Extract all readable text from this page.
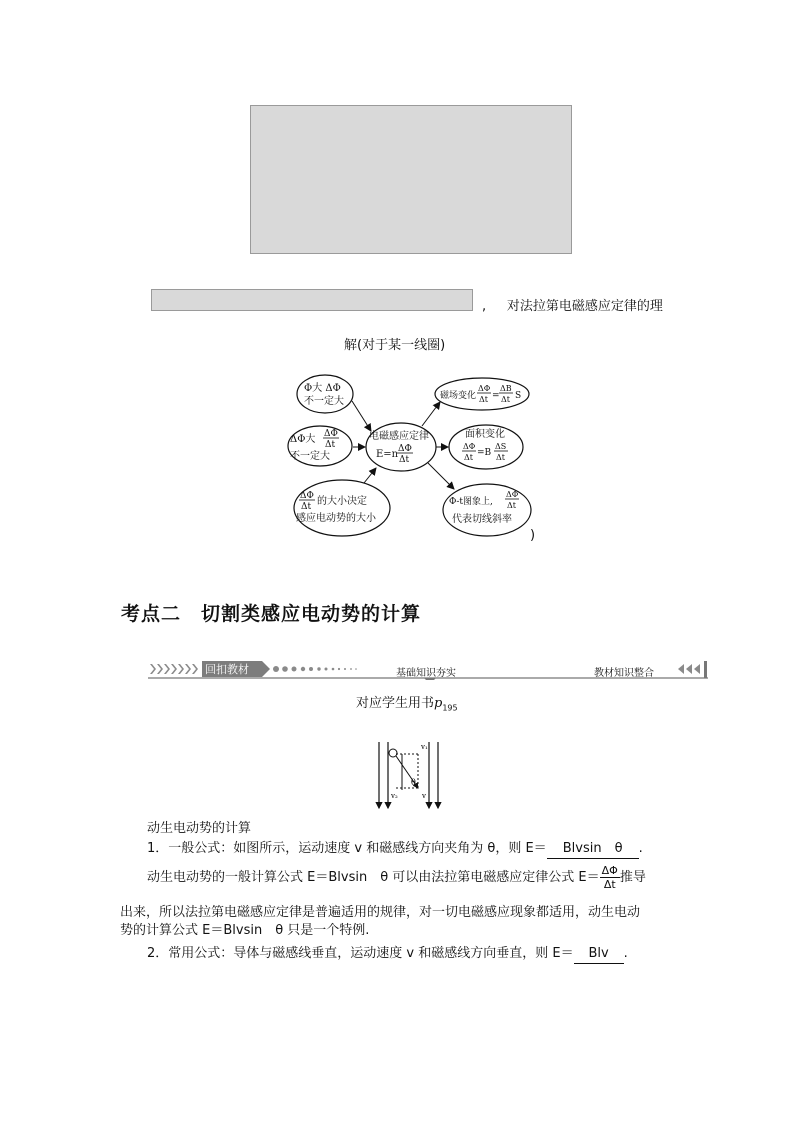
, 对法拉第电磁感应定律的理
解(对于某一线圈)
电磁感应定律
E=n ΔΦ
Δt
Φ大 ΔΦ
不一定大
ΔΦ大 ΔΦ
Δt
不一定大
ΔΦ
Δt 的大小决定
感应电动势的大小
磁场变化
ΔΦ
Δt =
ΔB
Δt S
面积变化
ΔΦ
Δt =B
ΔS
Δt
Φ-t图象上,
ΔΦ
Δt
代表切线斜率
)
考点二　切割类感应电动势的计算
回扣教材	基础知识夯实	教材知识整合
对应学生用书$p_{195}$
v₁
v₂	v
θ
动生电动势的计算
1．一般公式：如图所示，运动速度 v 和磁感线方向夹角为 θ，则 E＝ Blvsin　θ .
动生电动势的一般计算公式 E＝Blvsin　θ 可以由法拉第电磁感应定律公式 $E= \frac{\Delta\Phi}{\Delta t}$ 推导
出来，所以法拉第电磁感应定律是普遍适用的规律，对一切电磁感应现象都适用，动生电动
势的计算公式 E＝Blvsin　θ 只是一个特例.
2．常用公式：导体与磁感线垂直，运动速度 v 和磁感线方向垂直，则 E＝ Blv .
